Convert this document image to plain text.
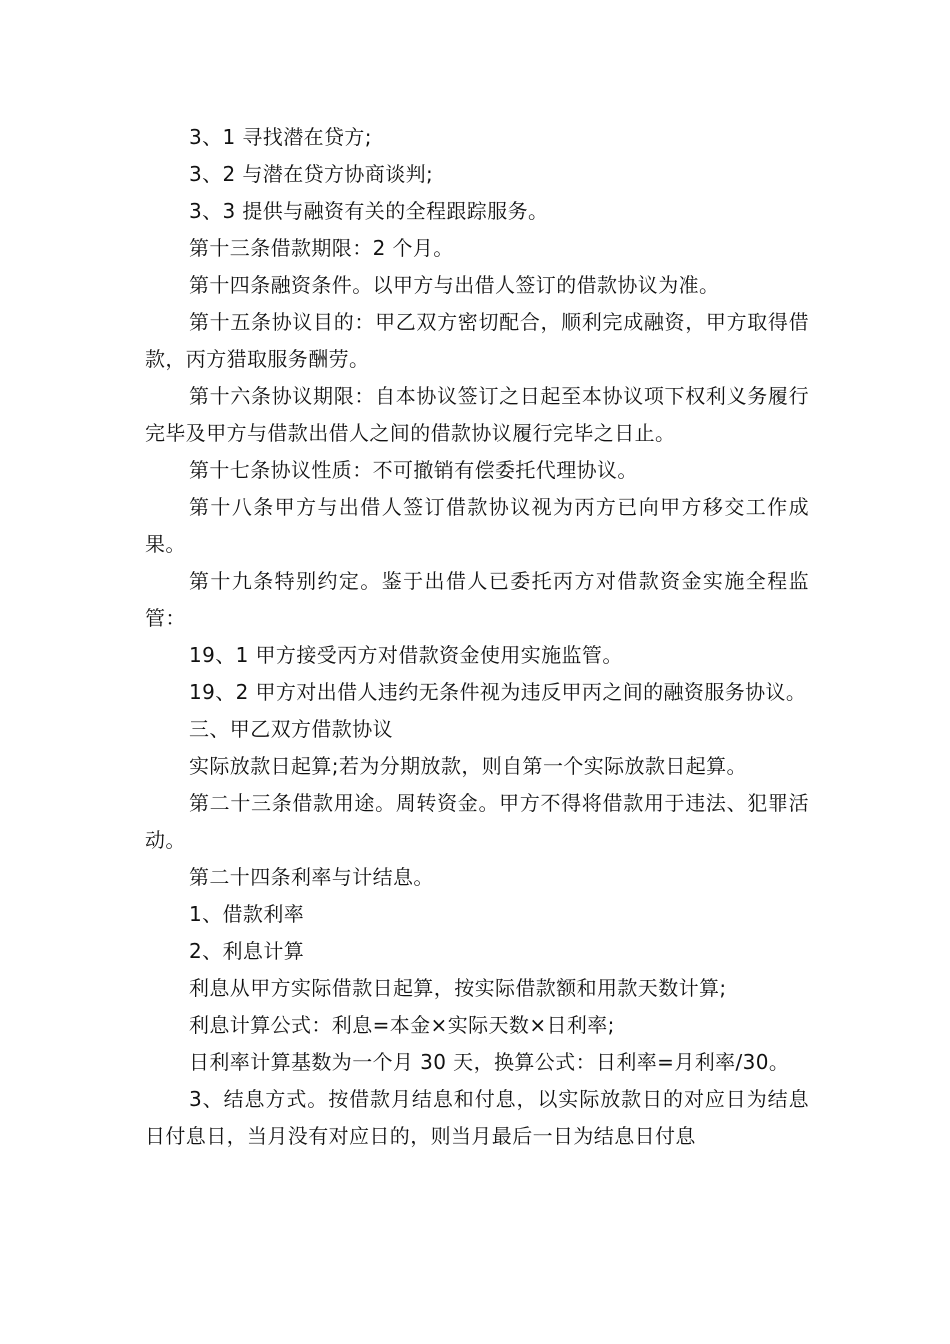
3、1 寻找潜在贷方;

3、2 与潜在贷方协商谈判;

3、3 提供与融资有关的全程跟踪服务。

第十三条借款期限：2 个月。

第十四条融资条件。以甲方与出借人签订的借款协议为准。

第十五条协议目的：甲乙双方密切配合，顺利完成融资，甲方取得借款，丙方猎取服务酬劳。

第十六条协议期限：自本协议签订之日起至本协议项下权利义务履行完毕及甲方与借款出借人之间的借款协议履行完毕之日止。

第十七条协议性质：不可撤销有偿委托代理协议。

第十八条甲方与出借人签订借款协议视为丙方已向甲方移交工作成果。

第十九条特别约定。鉴于出借人已委托丙方对借款资金实施全程监管：

19、1 甲方接受丙方对借款资金使用实施监管。

19、2 甲方对出借人违约无条件视为违反甲丙之间的融资服务协议。

三、甲乙双方借款协议

实际放款日起算;若为分期放款，则自第一个实际放款日起算。

第二十三条借款用途。周转资金。甲方不得将借款用于违法、犯罪活动。

第二十四条利率与计结息。

1、借款利率

2、利息计算

利息从甲方实际借款日起算，按实际借款额和用款天数计算;

利息计算公式：利息=本金×实际天数×日利率;

日利率计算基数为一个月 30 天，换算公式：日利率=月利率/30。

3、结息方式。按借款月结息和付息，以实际放款日的对应日为结息日付息日，当月没有对应日的，则当月最后一日为结息日付息
